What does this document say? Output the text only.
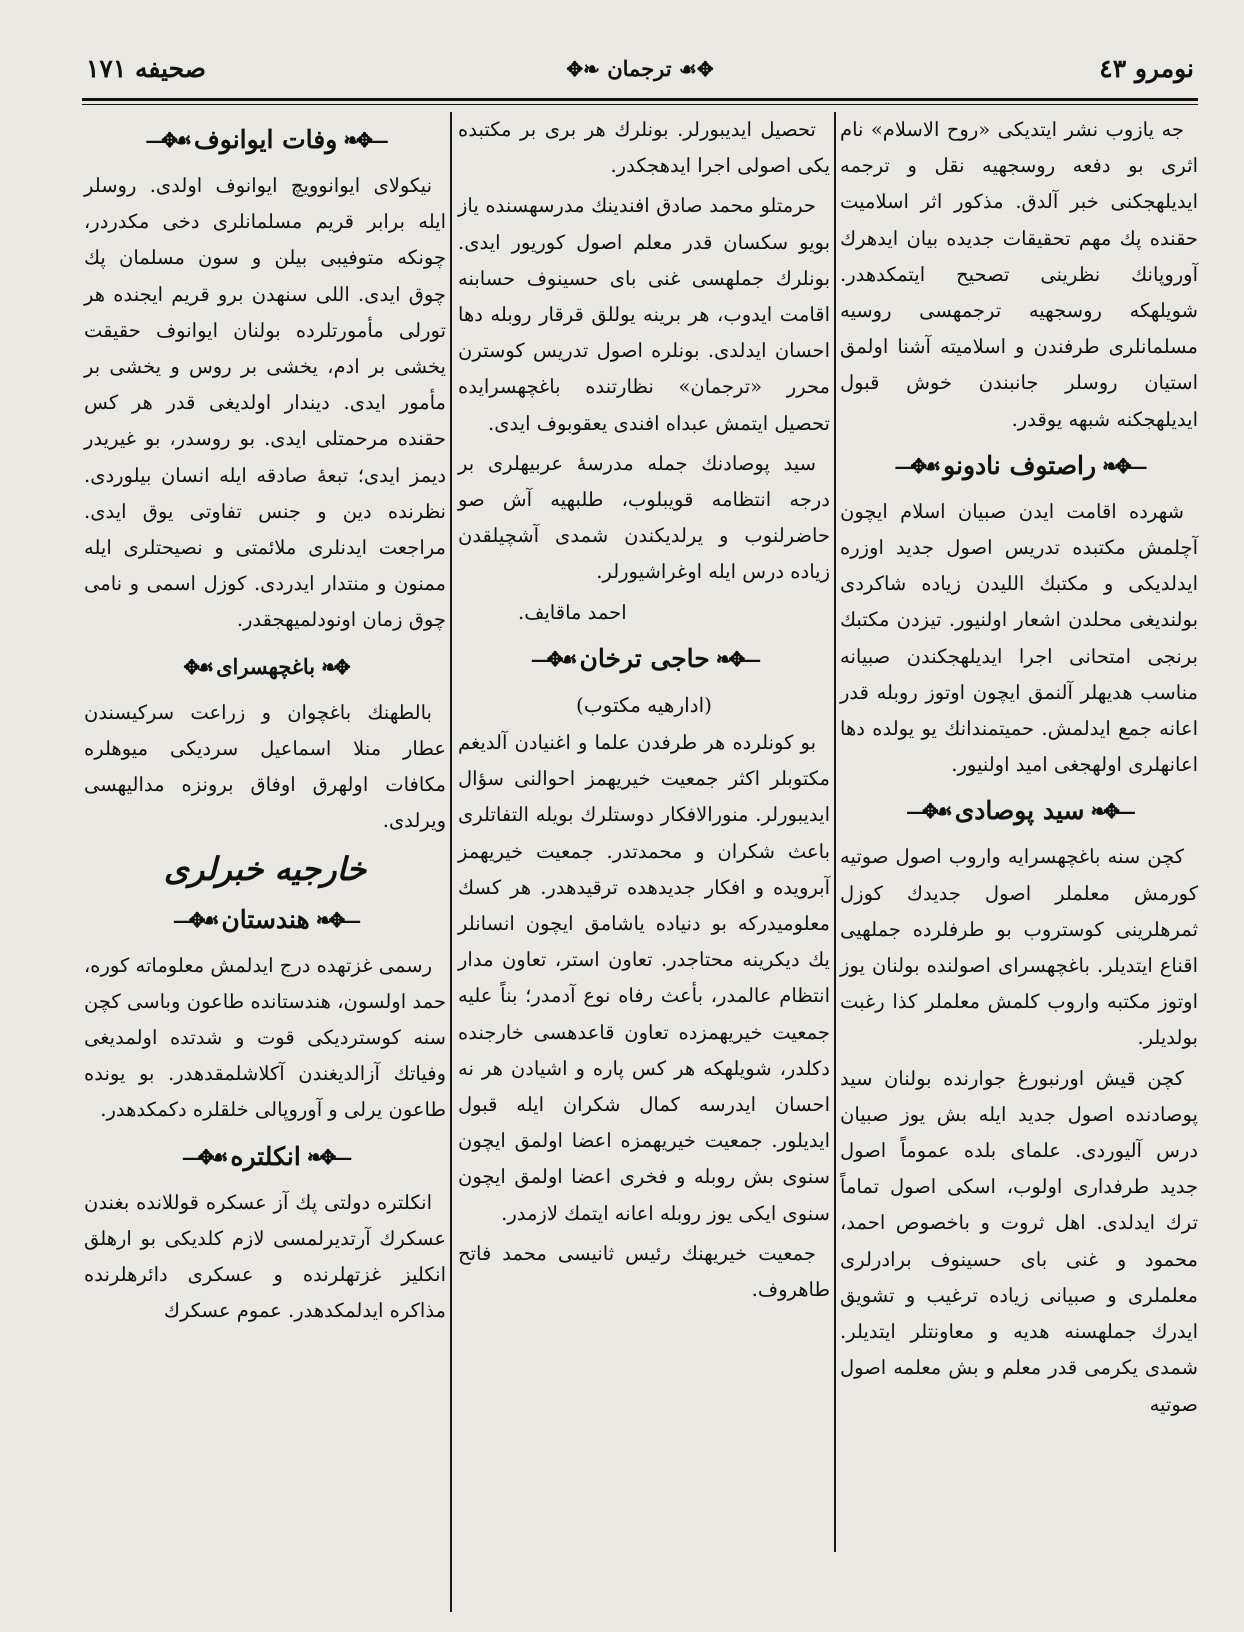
صحیفه ١٧١	✥❧ ترجمان ☙✥	نومرو ٤٣

جه یازوب نشر ایتدیکی «روح الاسلام» نام اثری بو دفعه روسجهیه نقل و ترجمه ایدیلهجکنی خبر آلدق. مذکور اثر اسلامیت حقنده پك مهم تحقیقات جدیده بیان ایدهرك آوروپانك نظرینی تصحیح ایتمکدهدر. شویلهکه روسجهیه ترجمهسی روسیه مسلمانلری طرفندن و اسلامیته آشنا اولمق استیان روسلر جانبندن خوش قبول ایدیلهجکنه شبهه یوقدر.

—✥❧
راصتوف نادونو
☙✥—

شهرده اقامت ایدن صبیان اسلام ایچون آچلمش مکتبده تدریس اصول جدید اوزره ایدلدیکی و مکتبك اللیدن زیاده شاکردی بولندیغی محلدن اشعار اولنیور. تیزدن مکتبك برنجی امتحانی اجرا ایدیلهجکندن صبیانه مناسب هدیهلر آلنمق ایچون اوتوز روبله قدر اعانه جمع ایدلمش. حمیتمندانك یو یولده دها اعانهلری اولهجغی امید اولنیور.

—✥❧
سید پوصادی
☙✥—

کچن سنه باغچهسرایه واروب اصول صوتیه کورمش معلملر اصول جدیدك کوزل ثمرهلرینی کوستروب بو طرفلرده جملهیی اقناع ایتدیلر. باغچهسرای اصولنده بولنان یوز اوتوز مکتبه واروب کلمش معلملر کذا رغبت بولدیلر.

کچن قیش اورنبورغ جوارنده بولنان سید پوصادنده اصول جدید ایله بش یوز صبیان درس آلیوردی. علمای بلده عموماً اصول جدید طرفداری اولوب، اسکی اصول تماماً ترك ایدلدی. اهل ثروت و باخصوص احمد، محمود و غنی بای حسینوف برادرلری معلملری و صبیانی زیاده ترغیب و تشویق ایدرك جملهسنه هدیه و معاونتلر ایتدیلر. شمدی یکرمی قدر معلم و بش معلمه اصول صوتیه

تحصیل ایدیبورلر. بونلرك هر بری بر مکتبده یکی اصولی اجرا ایدهجکدر.

حرمتلو محمد صادق افندینك مدرسهسنده یاز بویو سکسان قدر معلم اصول کوریور ایدی. بونلرك جملهسی غنی بای حسینوف حسابنه اقامت ایدوب، هر برینه یوللق قرقار روبله دها احسان ایدلدی. بونلره اصول تدریس کوسترن محرر «ترجمان» نظارتنده باغچهسرایده تحصیل ایتمش عبداه افندی یعقوبوف ایدی.

سید پوصادنك جمله مدرسهٔ عربیهلری بر درجه انتظامه قویبلوب، طلبهیه آش صو حاضرلنوب و یرلدیکندن شمدی آشچیلقدن زیاده درس ایله اوغراشیورلر.

احمد ماقایف.
—✥❧
حاجی ترخان
☙✥—
(ادارهیه مکتوب)

بو کونلرده هر طرفدن علما و اغنیادن آلدیغم مکتوبلر اکثر جمعیت خیریهمز احوالنی سؤال ایدیبورلر. منورالافکار دوستلرك بویله التفاتلری باعث شکران و محمدتدر. جمعیت خیریهمز آبرویده و افکار جدیدهده ترقیدهدر. هر کسك معلومیدرکه بو دنیاده یاشامق ایچون انسانلر یك دیکرینه محتاجدر. تعاون استر، تعاون مدار انتظام عالمدر، بأعث رفاه نوع آدمدر؛ بناً علیه جمعیت خیریهمزده تعاون قاعدهسی خارجنده دکلدر، شویلهکه هر کس پاره و اشیادن هر نه احسان ایدرسه کمال شکران ایله قبول ایدیلور. جمعیت خیریهمزه اعضا اولمق ایچون سنوی بش روبله و فخری اعضا اولمق ایچون سنوی ایکی یوز روبله اعانه ایتمك لازمدر.

جمعیت خیریهنك رئیس ثانیسی محمد فاتح طاهروف.

—✥❧
وفات ایوانوف
☙✥—

نیکولای ایوانوویچ ایوانوف اولدی. روسلر ایله برابر قریم مسلمانلری دخی مکدردر، چونکه متوفیبی بیلن و سون مسلمان پك چوق ایدی. اللی سنهدن برو قریم ایجنده هر تورلی مأمورتلرده بولنان ایوانوف حقیقت یخشی بر ادم، یخشی بر روس و یخشی بر مأمور ایدی. دیندار اولدیغی قدر هر کس حقنده مرحمتلی ایدی. بو روسدر، بو غیریدر دیمز ایدی؛ تبعهٔ صادقه ایله انسان بیلوردی. نظرنده دین و جنس تفاوتی یوق ایدی. مراجعت ایدنلری ملائمتی و نصیحتلری ایله ممنون و منتدار ایدردی. کوزل اسمی و نامی چوق زمان اونودلمیهجقدر.

✥❧
باغچهسرای
☙✥

بالطهنك باغچوان و زراعت سرکیسندن عطار منلا اسماعیل سردیکی میوهلره مکافات اولهرق اوفاق برونزه مدالیهسی ویرلدی.

خارجیه خبرلری
—✥❧
هندستان
☙✥—

رسمی غزتهده درج ایدلمش معلوماته کوره، حمد اولسون، هندستانده طاعون وباسی کچن سنه کوستردیکی قوت و شدتده اولمدیغی وفیاتك آزالدیغندن آکلاشلمقدهدر. بو یونده طاعون یرلی و آوروپالی خلقلره دکمکدهدر.

—✥❧
انکلتره
☙✥—

انکلتره دولتی پك آز عسکره قوللانده بغندن عسکرك آرتدیرلمسی لازم کلدیکی بو ارهلق انکلیز غزتهلرنده و عسکری دائرهلرنده مذاکره ایدلمکدهدر. عموم عسکرك
